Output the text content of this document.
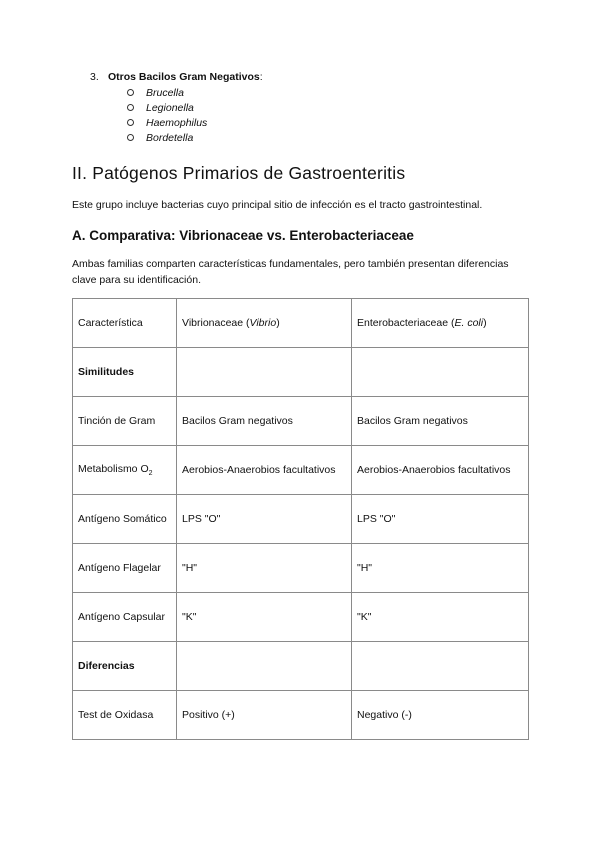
3. Otros Bacilos Gram Negativos:
Brucella
Legionella
Haemophilus
Bordetella
II. Patógenos Primarios de Gastroenteritis

Este grupo incluye bacterias cuyo principal sitio de infección es el tracto gastrointestinal.

A. Comparativa: Vibrionaceae vs. Enterobacteriaceae

Ambas familias comparten características fundamentales, pero también presentan diferencias clave para su identificación.

Característica	Vibrionaceae (Vibrio)	Enterobacteriaceae (E. coli)
Similitudes		
Tinción de Gram	Bacilos Gram negativos	Bacilos Gram negativos
Metabolismo $O_2$	Aerobios-Anaerobios facultativos	Aerobios-Anaerobios facultativos
Antígeno Somático	LPS "O"	LPS "O"
Antígeno Flagelar	"H"	"H"
Antígeno Capsular	"K"	"K"
Diferencias		
Test de Oxidasa	Positivo (+)	Negativo (-)
